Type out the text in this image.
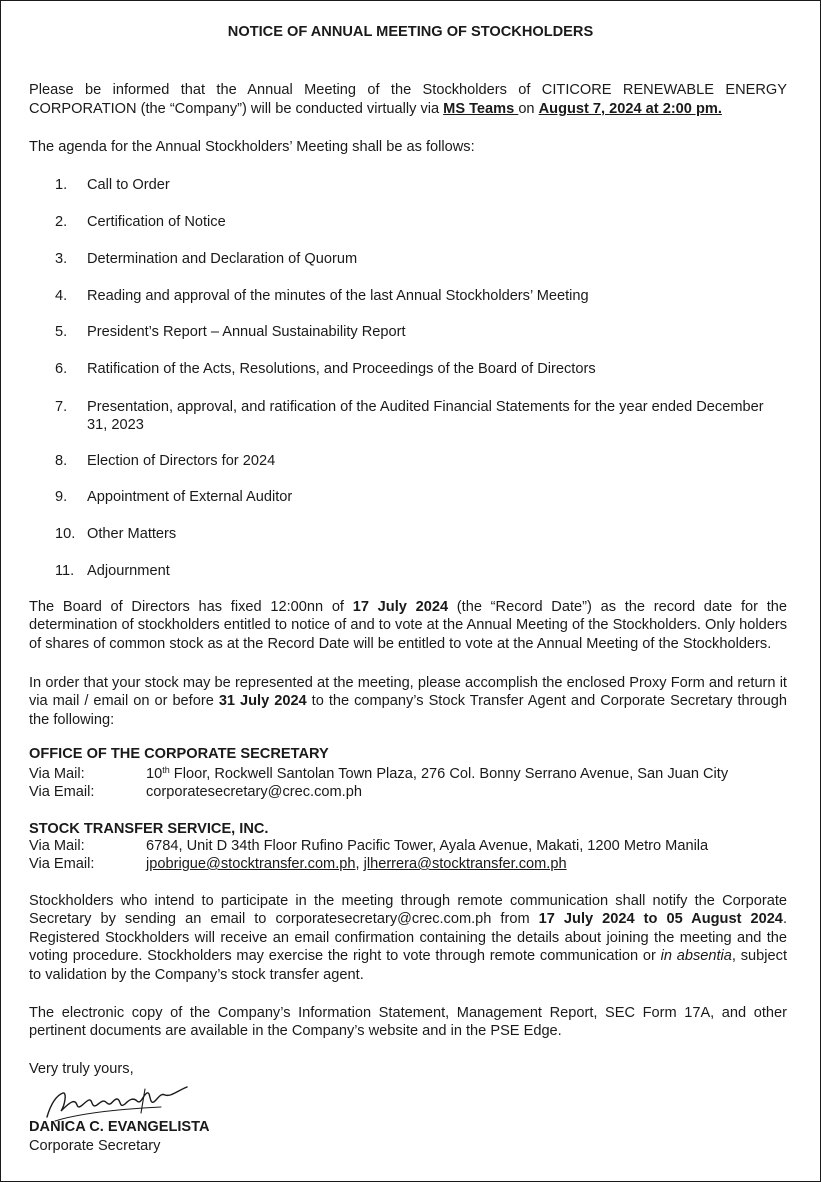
NOTICE OF ANNUAL MEETING OF STOCKHOLDERS
Please be informed that the Annual Meeting of the Stockholders of CITICORE RENEWABLE ENERGY
CORPORATION (the “Company”) will be conducted virtually via MS Teams on August 7, 2024 at 2:00 pm.
The agenda for the Annual Stockholders’ Meeting shall be as follows:
1.	Call to Order
2.	Certification of Notice
3.	Determination and Declaration of Quorum
4.	Reading and approval of the minutes of the last Annual Stockholders’ Meeting
5.	President’s Report – Annual Sustainability Report
6.	Ratification of the Acts, Resolutions, and Proceedings of the Board of Directors
7.	Presentation, approval, and ratification of the Audited Financial Statements for the year ended December 31, 2023
8.	Election of Directors for 2024
9.	Appointment of External Auditor
10. Other Matters
11. Adjournment
The Board of Directors has fixed 12:00nn of 17 July 2024 (the “Record Date”) as the record date for the determination of stockholders entitled to notice of and to vote at the Annual Meeting of the Stockholders. Only holders of shares of common stock as at the Record Date will be entitled to vote at the Annual Meeting of the Stockholders.
In order that your stock may be represented at the meeting, please accomplish the enclosed Proxy Form and return it via mail / email on or before 31 July 2024 to the company’s Stock Transfer Agent and Corporate Secretary through the following:
OFFICE OF THE CORPORATE SECRETARY
Via Mail:	10th Floor, Rockwell Santolan Town Plaza, 276 Col. Bonny Serrano Avenue, San Juan City
Via Email:	corporatesecretary@crec.com.ph
STOCK TRANSFER SERVICE, INC.
Via Mail:	6784, Unit D 34th Floor Rufino Pacific Tower, Ayala Avenue, Makati, 1200 Metro Manila
Via Email:	jpobrigue@stocktransfer.com.ph, jlherrera@stocktransfer.com.ph
Stockholders who intend to participate in the meeting through remote communication shall notify the Corporate Secretary by sending an email to corporatesecretary@crec.com.ph from 17 July 2024 to 05 August 2024. Registered Stockholders will receive an email confirmation containing the details about joining the meeting and the voting procedure. Stockholders may exercise the right to vote through remote communication or in absentia, subject to validation by the Company’s stock transfer agent.
The electronic copy of the Company’s Information Statement, Management Report, SEC Form 17A, and other pertinent documents are available in the Company’s website and in the PSE Edge.
Very truly yours,
DANICA C. EVANGELISTA
Corporate Secretary
